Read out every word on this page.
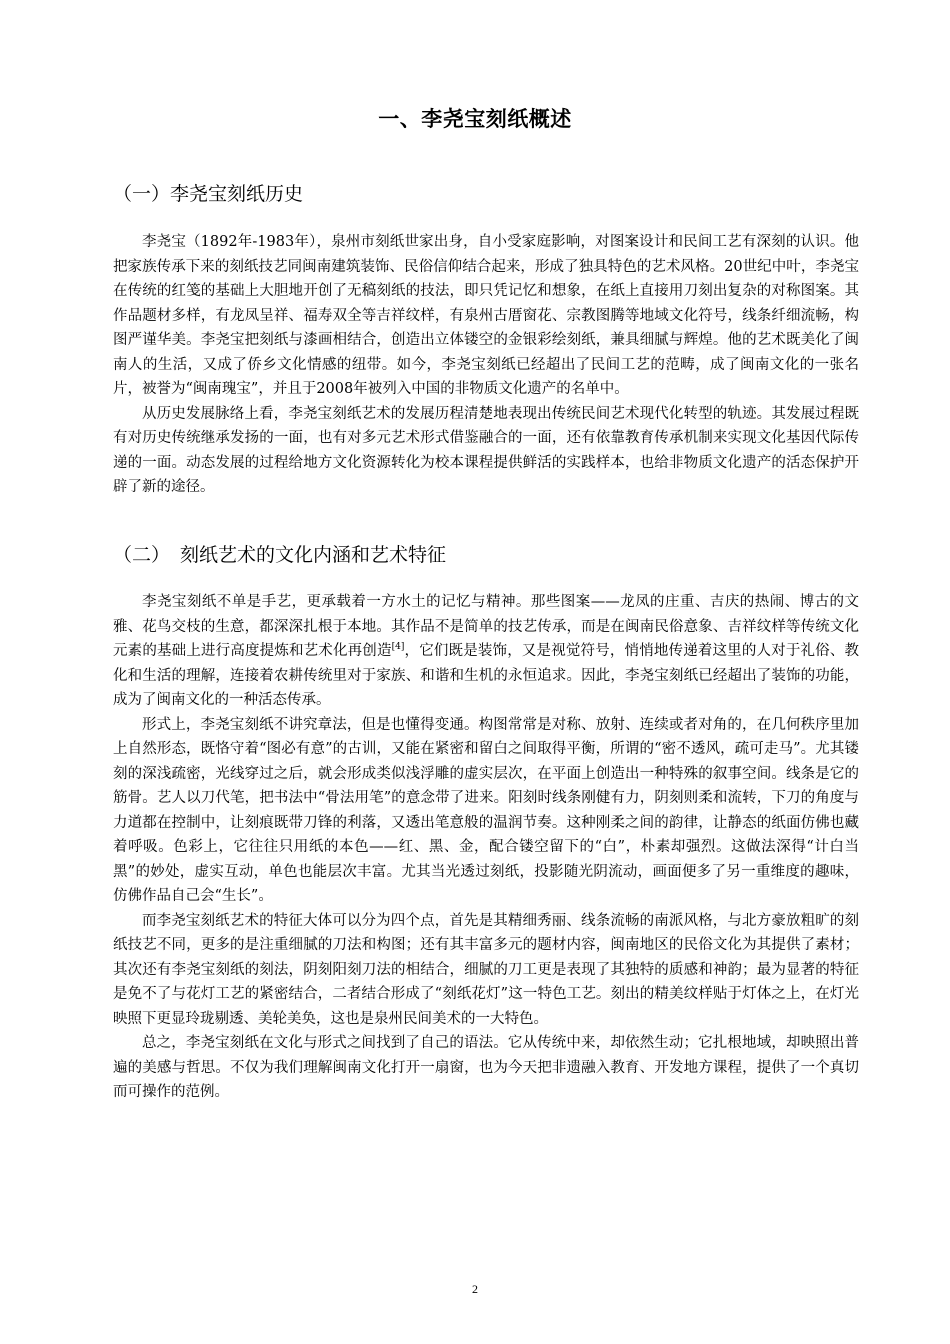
一、李尧宝刻纸概述
（一）李尧宝刻纸历史

李尧宝（1892年-1983年），泉州市刻纸世家出身，自小受家庭影响，对图案设计和民间工艺有深刻的认识。他把家族传承下来的刻纸技艺同闽南建筑装饰、民俗信仰结合起来，形成了独具特色的艺术风格。20世纪中叶，李尧宝在传统的红笺的基础上大胆地开创了无稿刻纸的技法，即只凭记忆和想象，在纸上直接用刀刻出复杂的对称图案。其作品题材多样，有龙凤呈祥、福寿双全等吉祥纹样，有泉州古厝窗花、宗教图腾等地域文化符号，线条纤细流畅，构图严谨华美。李尧宝把刻纸与漆画相结合，创造出立体镂空的金银彩绘刻纸，兼具细腻与辉煌。他的艺术既美化了闽南人的生活，又成了侨乡文化情感的纽带。如今，李尧宝刻纸已经超出了民间工艺的范畴，成了闽南文化的一张名片，被誉为“闽南瑰宝”，并且于2008年被列入中国的非物质文化遗产的名单中。

从历史发展脉络上看，李尧宝刻纸艺术的发展历程清楚地表现出传统民间艺术现代化转型的轨迹。其发展过程既有对历史传统继承发扬的一面，也有对多元艺术形式借鉴融合的一面，还有依靠教育传承机制来实现文化基因代际传递的一面。动态发展的过程给地方文化资源转化为校本课程提供鲜活的实践样本，也给非物质文化遗产的活态保护开辟了新的途径。

（二） 刻纸艺术的文化内涵和艺术特征

李尧宝刻纸不单是手艺，更承载着一方水土的记忆与精神。那些图案——龙凤的庄重、吉庆的热闹、博古的文雅、花鸟交枝的生意，都深深扎根于本地。其作品不是简单的技艺传承，而是在闽南民俗意象、吉祥纹样等传统文化元素的基础上进行高度提炼和艺术化再创造[4]，它们既是装饰，又是视觉符号，悄悄地传递着这里的人对于礼俗、教化和生活的理解，连接着农耕传统里对于家族、和谐和生机的永恒追求。因此，李尧宝刻纸已经超出了装饰的功能，成为了闽南文化的一种活态传承。

形式上，李尧宝刻纸不讲究章法，但是也懂得变通。构图常常是对称、放射、连续或者对角的，在几何秩序里加上自然形态，既恪守着“图必有意”的古训，又能在紧密和留白之间取得平衡，所谓的“密不透风，疏可走马”。尤其镂刻的深浅疏密，光线穿过之后，就会形成类似浅浮雕的虚实层次，在平面上创造出一种特殊的叙事空间。线条是它的筋骨。艺人以刀代笔，把书法中“骨法用笔”的意念带了进来。阳刻时线条刚健有力，阴刻则柔和流转，下刀的角度与力道都在控制中，让刻痕既带刀锋的利落，又透出笔意般的温润节奏。这种刚柔之间的韵律，让静态的纸面仿佛也藏着呼吸。色彩上，它往往只用纸的本色——红、黑、金，配合镂空留下的“白”，朴素却强烈。这做法深得“计白当黑”的妙处，虚实互动，单色也能层次丰富。尤其当光透过刻纸，投影随光阴流动，画面便多了另一重维度的趣味，仿佛作品自己会“生长”。

而李尧宝刻纸艺术的特征大体可以分为四个点，首先是其精细秀丽、线条流畅的南派风格，与北方豪放粗旷的刻纸技艺不同，更多的是注重细腻的刀法和构图；还有其丰富多元的题材内容，闽南地区的民俗文化为其提供了素材；其次还有李尧宝刻纸的刻法，阴刻阳刻刀法的相结合，细腻的刀工更是表现了其独特的质感和神韵；最为显著的特征是免不了与花灯工艺的紧密结合，二者结合形成了“刻纸花灯”这一特色工艺。刻出的精美纹样贴于灯体之上，在灯光映照下更显玲珑剔透、美轮美奂，这也是泉州民间美术的一大特色。

总之，李尧宝刻纸在文化与形式之间找到了自己的语法。它从传统中来，却依然生动；它扎根地域，却映照出普遍的美感与哲思。不仅为我们理解闽南文化打开一扇窗，也为今天把非遗融入教育、开发地方课程，提供了一个真切而可操作的范例。

2
